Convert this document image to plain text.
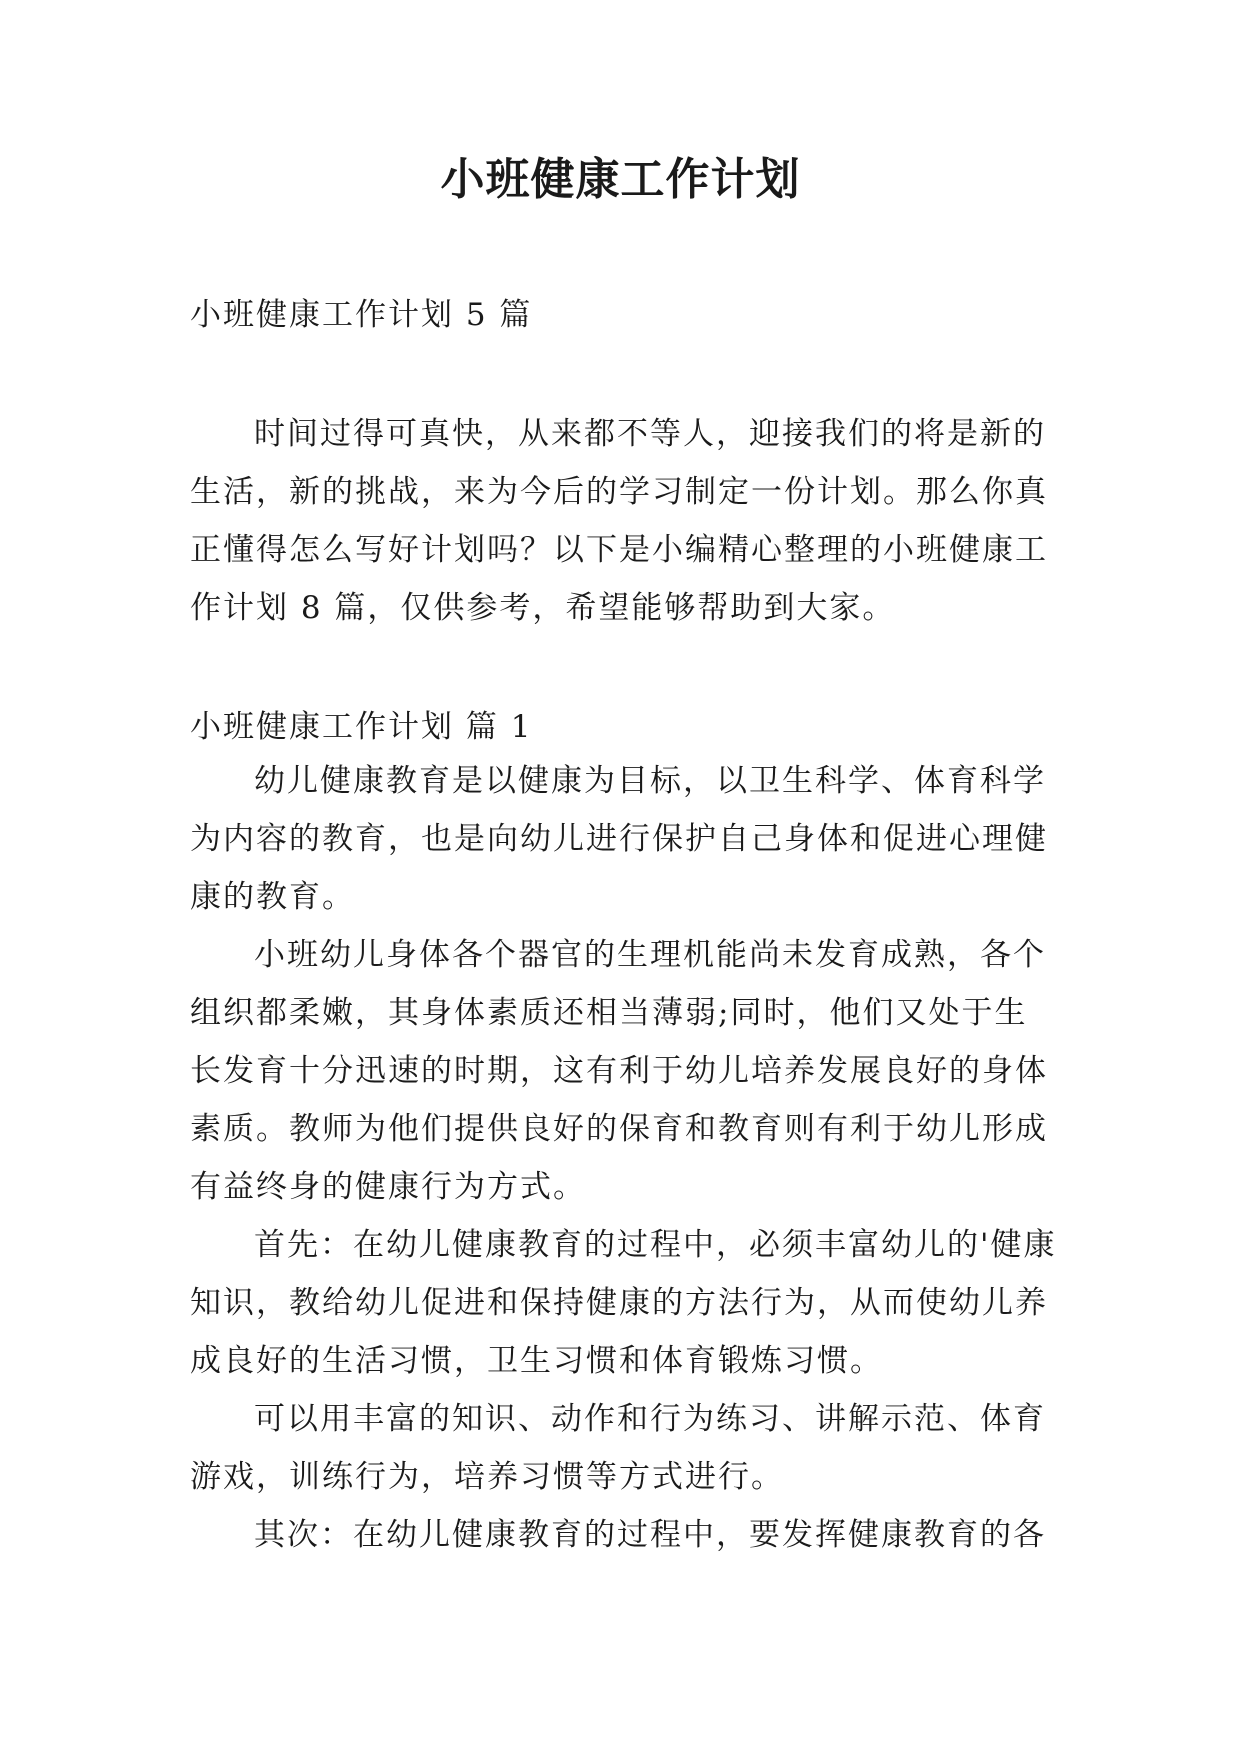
小班健康工作计划

小班健康工作计划 5 篇

时间过得可真快，从来都不等人，迎接我们的将是新的生活，新的挑战，来为今后的学习制定一份计划。那么你真正懂得怎么写好计划吗？以下是小编精心整理的小班健康工作计划 8 篇，仅供参考，希望能够帮助到大家。

小班健康工作计划 篇 1

幼儿健康教育是以健康为目标，以卫生科学、体育科学为内容的教育，也是向幼儿进行保护自己身体和促进心理健康的教育。

小班幼儿身体各个器官的生理机能尚未发育成熟，各个组织都柔嫩，其身体素质还相当薄弱;同时，他们又处于生长发育十分迅速的时期，这有利于幼儿培养发展良好的身体素质。教师为他们提供良好的保育和教育则有利于幼儿形成有益终身的健康行为方式。

首先：在幼儿健康教育的过程中，必须丰富幼儿的'健康知识，教给幼儿促进和保持健康的方法行为，从而使幼儿养成良好的生活习惯，卫生习惯和体育锻炼习惯。

可以用丰富的知识、动作和行为练习、讲解示范、体育游戏，训练行为，培养习惯等方式进行。

其次：在幼儿健康教育的过程中，要发挥健康教育的各
